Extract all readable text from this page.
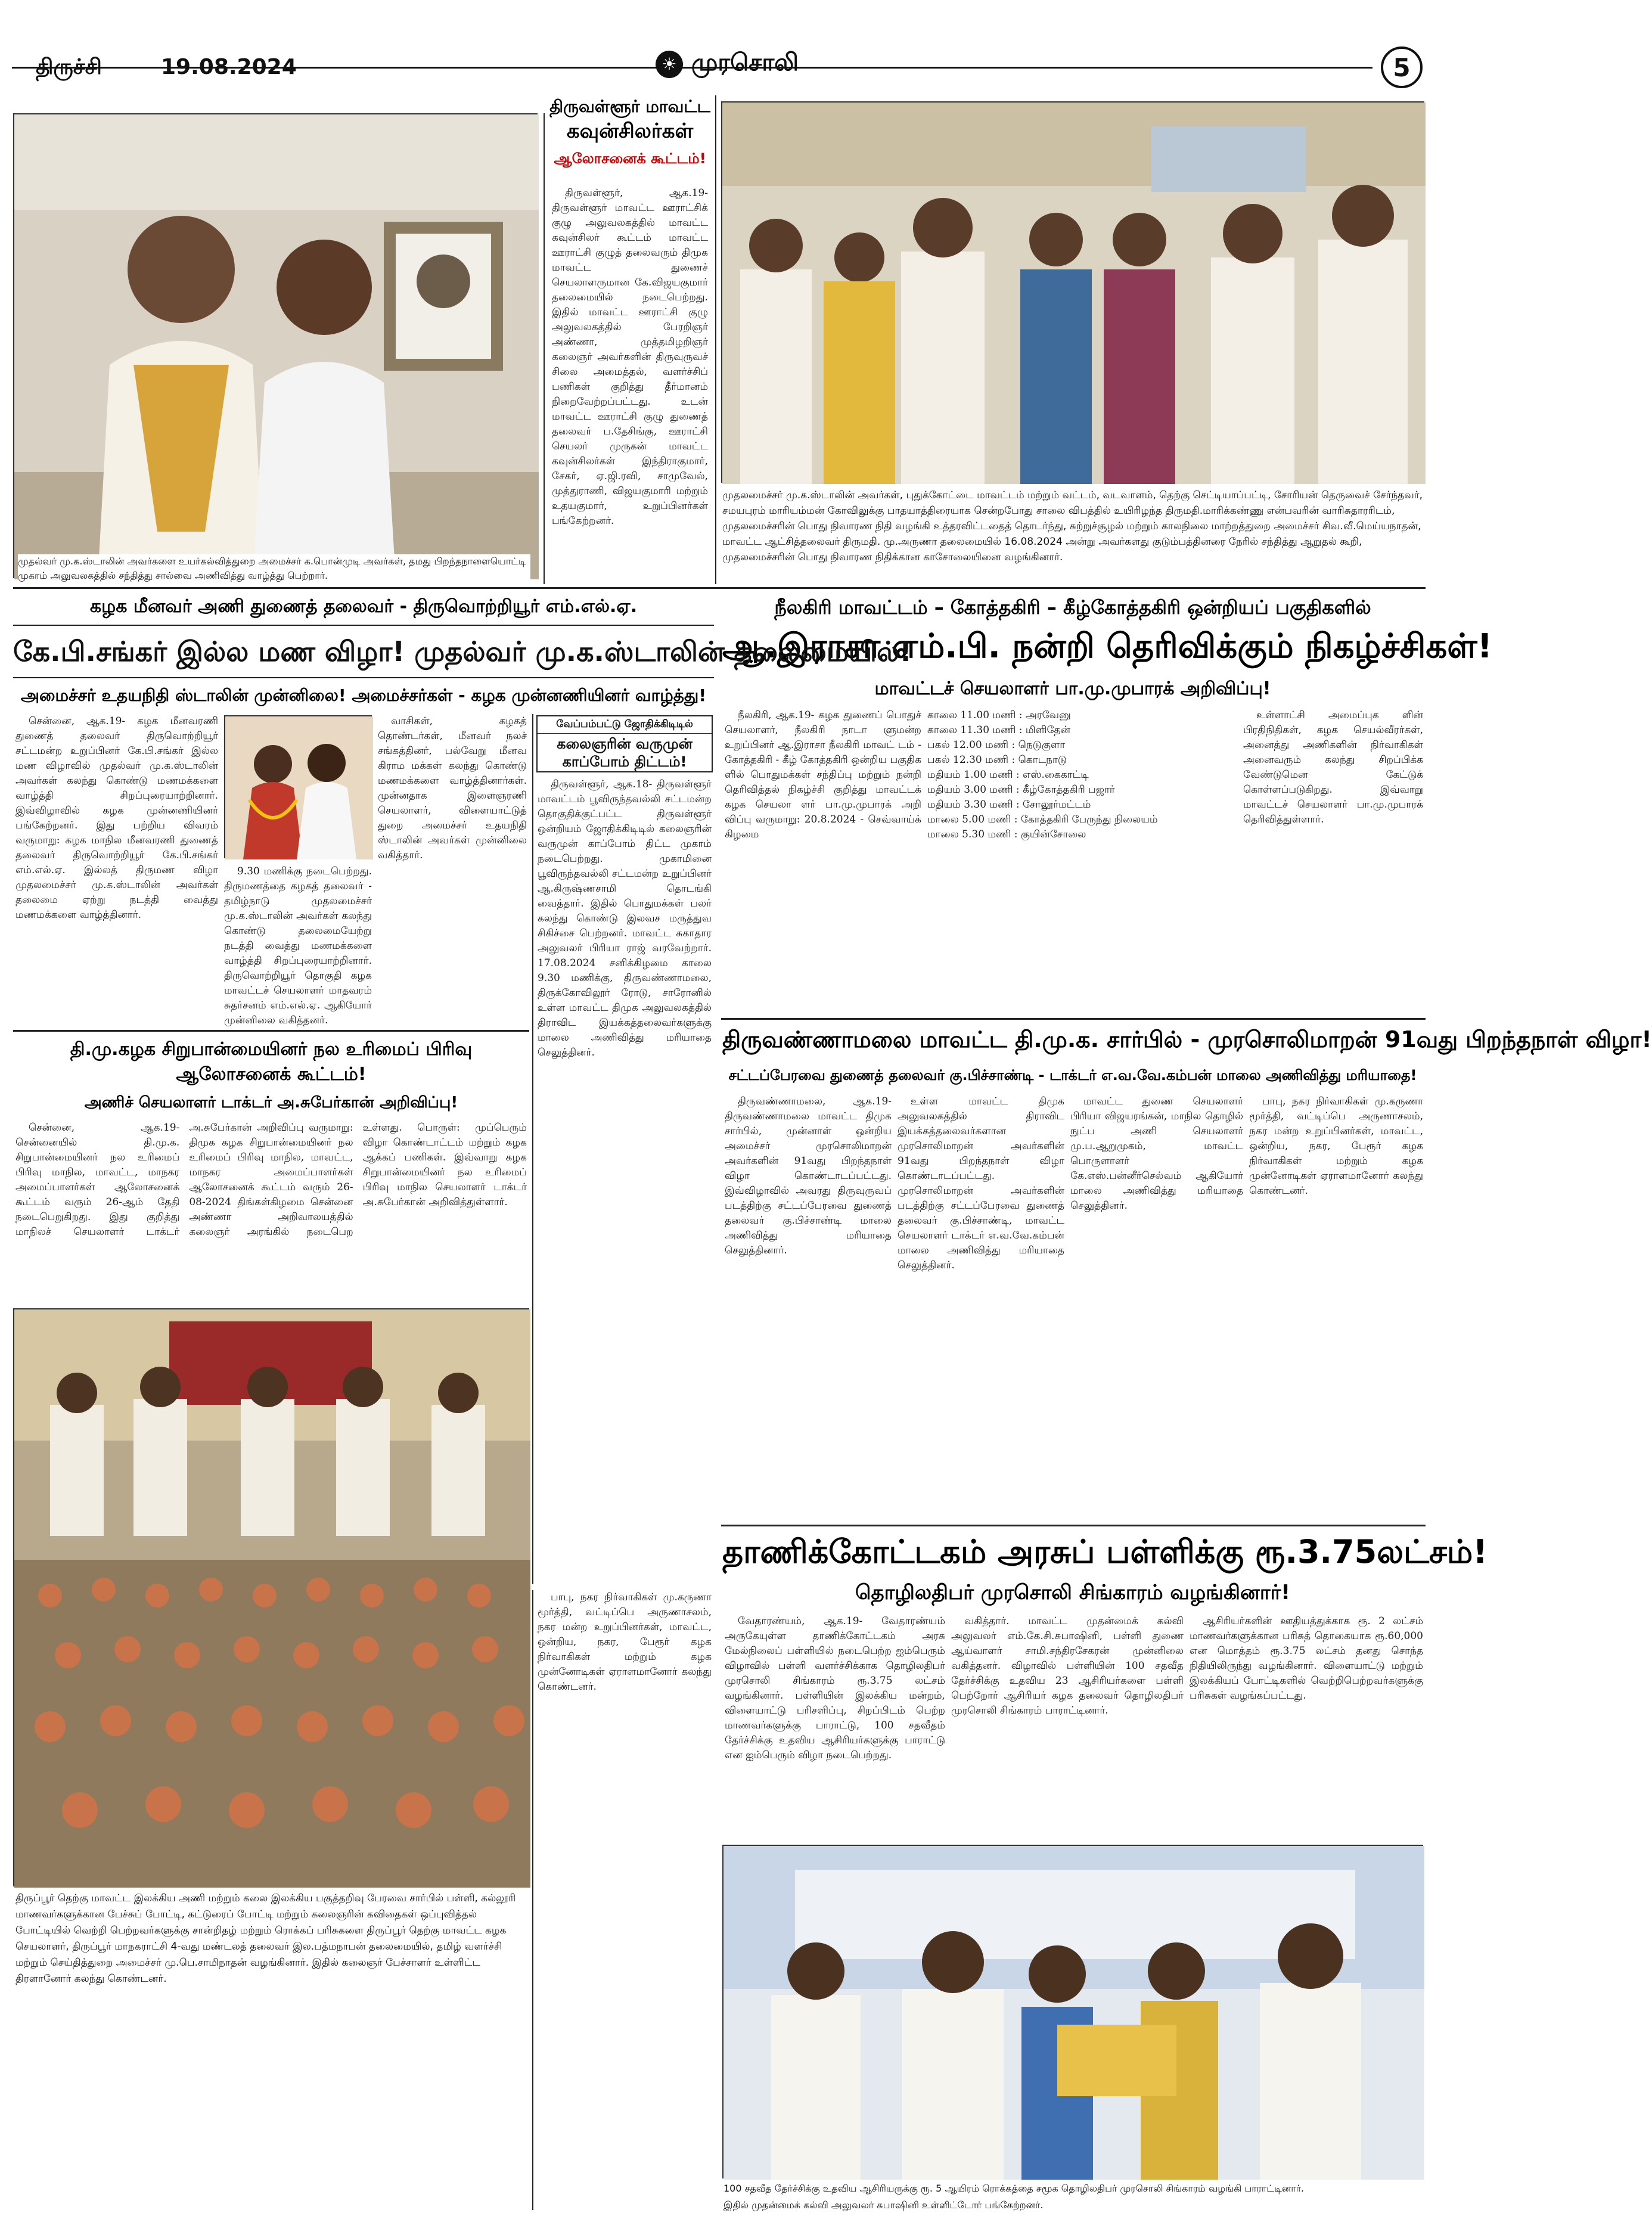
திருச்சி	19.08.2024	☀ முரசொலி	5
முதல்வர் மு.க.ஸ்டாலின் அவர்களை உயர்கல்வித்துறை அமைச்சர் க.பொன்முடி அவர்கள், தமது பிறந்தநாளையொட்டி முகாம் அலுவலகத்தில் சந்தித்து சால்வை அணிவித்து வாழ்த்து பெற்றார்.
திருவள்ளூர் மாவட்ட
கவுன்சிலர்கள்
ஆலோசனைக் கூட்டம்!

திருவள்ளூர், ஆக.19- திருவள்ளூர் மாவட்ட ஊராட்சிக் குழு அலுவலகத்தில் மாவட்ட கவுன்சிலர் கூட்டம் மாவட்ட ஊராட்சி குழுத் தலைவரும் திமுக மாவட்ட துணைச் செயலாளருமான கே.விஜயகுமார் தலைமையில் நடைபெற்றது. இதில் மாவட்ட ஊராட்சி குழு அலுவலகத்தில் பேரறிஞர் அண்ணா, முத்தமிழறிஞர் கலைஞர் அவர்களின் திருவுருவச் சிலை அமைத்தல், வளர்ச்சிப் பணிகள் குறித்து தீர்மானம் நிறைவேற்றப்பட்டது. உடன் மாவட்ட ஊராட்சி குழு துணைத் தலைவர் ப.தேசிங்கு, ஊராட்சி செயலர் முருகன் மாவட்ட கவுன்சிலர்கள் இந்திராகுமார், சேகர், ஏ.ஜி.ரவி, சாமுவேல், முத்துராணி, விஜயகுமாரி மற்றும் உதயகுமார், உறுப்பினர்கள் பங்கேற்றனர்.

முதலமைச்சர் மு.க.ஸ்டாலின் அவர்கள், புதுக்கோட்டை மாவட்டம் மற்றும் வட்டம், வடவாளம், தெற்கு செட்டியாப்பட்டி, சோரியன் தெருவைச் சேர்ந்தவர், சமயபுரம் மாரியம்மன் கோவிலுக்கு பாதயாத்திரையாக சென்றபோது சாலை விபத்தில் உயிரிழந்த திருமதி.மாரிக்கண்ணு என்பவரின் வாரிசுதாரரிடம், முதலமைச்சரின் பொது நிவாரண நிதி வழங்கி உத்தரவிட்டதைத் தொடர்ந்து, சுற்றுச்சூழல் மற்றும் காலநிலை மாற்றத்துறை அமைச்சர் சிவ.வீ.மெய்யநாதன், மாவட்ட ஆட்சித்தலைவர் திருமதி. மு.அருணா தலைமையில் 16.08.2024 அன்று அவர்களது குடும்பத்தினரை நேரில் சந்தித்து ஆறுதல் கூறி, முதலமைச்சரின் பொது நிவாரண நிதிக்கான காசோலையினை வழங்கினார்.
நீலகிரி மாவட்டம் – கோத்தகிரி – கீழ்கோத்தகிரி ஒன்றியப் பகுதிகளில்
ஆ.இராசா எம்.பி. நன்றி தெரிவிக்கும் நிகழ்ச்சிகள்!
மாவட்டச் செயலாளர் பா.மு.முபாரக் அறிவிப்பு!

நீலகிரி, ஆக.19- கழக துணைப் பொதுச் செயலாளர், நீலகிரி நாடா ளுமன்ற உறுப்பினர் ஆ.இராசா நீலகிரி மாவட் டம் - கோத்தகிரி - கீழ் கோத்தகிரி ஒன்றிய பகுதிக ளில் பொதுமக்கள் சந்திப்பு மற்றும் நன்றி தெரிவித்தல் நிகழ்ச்சி குறித்து மாவட்டக் கழக செயலா ளர் பா.மு.முபாரக் அறி விப்பு வருமாறு: 20.8.2024 - செவ்வாய்க் கிழமை

காலை 11.00 மணி : அரவேனு
காலை 11.30 மணி : மிளிதேன்
பகல் 12.00 மணி : நெடுகுளா
பகல் 12.30 மணி : கொடநாடு
மதியம் 1.00 மணி : எஸ்.கைகாட்டி
மதியம் 3.00 மணி : கீழ்கோத்தகிரி பஜார்
மதியம் 3.30 மணி : சோலூர்மட்டம்
மாலை 5.00 மணி : கோத்தகிரி பேருந்து நிலையம்
மாலை 5.30 மணி : குயின்சோலை

உள்ளாட்சி அமைப்புக ளின் பிரதிநிதிகள், கழக செயல்வீரர்கள், அனைத்து அணிகளின் நிர்வாகிகள் அனைவரும் கலந்து சிறப்பிக்க வேண்டுமென கேட்டுக் கொள்ளப்படுகிறது. இவ்வாறு மாவட்டச் செயலாளர் பா.மு.முபாரக் தெரிவித்துள்ளார்.

கழக மீனவர் அணி துணைத் தலைவர் - திருவொற்றியூர் எம்.எல்.ஏ.
கே.பி.சங்கர் இல்ல மண விழா! முதல்வர் மு.க.ஸ்டாலின் தலைமையில்!
அமைச்சர் உதயநிதி ஸ்டாலின் முன்னிலை! அமைச்சர்கள் - கழக முன்னணியினர் வாழ்த்து!

சென்னை, ஆக.19- கழக மீனவரணி துணைத் தலைவர் திருவொற்றியூர் சட்டமன்ற உறுப்பினர் கே.பி.சங்கர் இல்ல மண விழாவில் முதல்வர் மு.க.ஸ்டாலின் அவர்கள் கலந்து கொண்டு மணமக்களை வாழ்த்தி சிறப்புரையாற்றினார். இவ்விழாவில் கழக முன்னணியினர் பங்கேற்றனர். இது பற்றிய விவரம் வருமாறு: கழக மாநில மீனவரணி துணைத் தலைவர் திருவொற்றியூர் கே.பி.சங்கர் எம்.எல்.ஏ. இல்லத் திருமண விழா முதலமைச்சர் மு.க.ஸ்டாலின் அவர்கள் தலைமை ஏற்று நடத்தி வைத்து மணமக்களை வாழ்த்தினார்.

9.30 மணிக்கு நடைபெற்றது. திருமணத்தை கழகத் தலைவர் - தமிழ்நாடு முதலமைச்சர் மு.க.ஸ்டாலின் அவர்கள் கலந்து கொண்டு தலைமையேற்று நடத்தி வைத்து மணமக்களை வாழ்த்தி சிறப்புரையாற்றினார். திருவொற்றியூர் தொகுதி கழக மாவட்டச் செயலாளர் மாதவரம் சுதர்சனம் எம்.எல்.ஏ. ஆகியோர் முன்னிலை வகித்தனர்.

வாசிகள், கழகத் தொண்டர்கள், மீனவர் நலச் சங்கத்தினர், பல்வேறு மீனவ கிராம மக்கள் கலந்து கொண்டு மணமக்களை வாழ்த்தினார்கள். முன்னதாக இளைஞரணி செயலாளர், விளையாட்டுத் துறை அமைச்சர் உதயநிதி ஸ்டாலின் அவர்கள் முன்னிலை வகித்தார்.

வேப்பம்பட்டு ஜோதிக்கிடிடில்
கலைஞரின் வருமுன் காப்போம் திட்டம்!

திருவள்ளூர், ஆக.18- திருவள்ளூர் மாவட்டம் பூவிருந்தவல்லி சட்டமன்ற தொகுதிக்குட்பட்ட திருவள்ளூர் ஒன்றியம் ஜோதிக்கிடிடில் கலைஞரின் வருமுன் காப்போம் திட்ட முகாம் நடைபெற்றது. முகாமினை பூவிருந்தவல்லி சட்டமன்ற உறுப்பினர் ஆ.கிருஷ்ணசாமி தொடங்கி வைத்தார். இதில் பொதுமக்கள் பலர் கலந்து கொண்டு இலவச மருத்துவ சிகிச்சை பெற்றனர். மாவட்ட சுகாதார அலுவலர் பிரியா ராஜ் வரவேற்றார். 17.08.2024 சனிக்கிழமை காலை 9.30 மணிக்கு, திருவண்ணாமலை, திருக்கோவிலூர் ரோடு, சாரோனில் உள்ள மாவட்ட திமுக அலுவலகத்தில் திராவிட இயக்கத்தலைவர்களுக்கு மாலை அணிவித்து மரியாதை செலுத்தினர்.	திருவண்ணாமலை மாவட்ட தி.மு.க. சார்பில் - முரசொலிமாறன் 91வது பிறந்தநாள் விழா!
சட்டப்பேரவை துணைத் தலைவர் கு.பிச்சாண்டி - டாக்டர் எ.வ.வே.கம்பன் மாலை அணிவித்து மரியாதை!

திருவண்ணாமலை, ஆக.19- திருவண்ணாமலை மாவட்ட திமுக சார்பில், முன்னாள் ஒன்றிய அமைச்சர் முரசொலிமாறன் அவர்களின் 91வது பிறந்தநாள் விழா கொண்டாடப்பட்டது. இவ்விழாவில் அவரது திருவுருவப் படத்திற்கு சட்டப்பேரவை துணைத் தலைவர் கு.பிச்சாண்டி மாலை அணிவித்து மரியாதை செலுத்தினார்.

உள்ள மாவட்ட திமுக அலுவலகத்தில் திராவிட இயக்கத்தலைவர்களான முரசொலிமாறன் அவர்களின் 91வது பிறந்தநாள் விழா கொண்டாடப்பட்டது. முரசொலிமாறன் அவர்களின் படத்திற்கு சட்டப்பேரவை துணைத் தலைவர் கு.பிச்சாண்டி, மாவட்ட செயலாளர் டாக்டர் எ.வ.வே.கம்பன் மாலை அணிவித்து மரியாதை செலுத்தினர்.

மாவட்ட துணை செயலாளர் பிரியா விஜயரங்கன், மாநில தொழில் நுட்ப அணி செயலாளர் மு.ப.ஆறுமுகம், மாவட்ட பொருளாளர் கே.எஸ்.பன்னீர்செல்வம் ஆகியோர் மாலை அணிவித்து மரியாதை செலுத்தினர்.

பாபு, நகர நிர்வாகிகள் மு.கருணா மூர்த்தி, வட்டிப்பெ அருணாசலம், நகர மன்ற உறுப்பினர்கள், மாவட்ட, ஒன்றிய, நகர, பேரூர் கழக நிர்வாகிகள் மற்றும் கழக முன்னோடிகள் ஏராளமானோர் கலந்து கொண்டனர்.

தி.மு.கழக சிறுபான்மையினர் நல உரிமைப் பிரிவு ஆலோசனைக் கூட்டம்!
அணிச் செயலாளர் டாக்டர் அ.சுபேர்கான் அறிவிப்பு!

சென்னை, ஆக.19- சென்னையில் தி.மு.க. சிறுபான்மையினர் நல உரிமைப் பிரிவு மாநில, மாவட்ட, மாநகர அமைப்பாளர்கள் ஆலோசனைக் கூட்டம் வரும் 26-ஆம் தேதி நடைபெறுகிறது. இது குறித்து மாநிலச் செயலாளர் டாக்டர் அ.சுபேர்கான் அறிவிப்பு வருமாறு: திமுக கழக சிறுபான்மையினர் நல உரிமைப் பிரிவு மாநில, மாவட்ட, மாநகர அமைப்பாளர்கள் ஆலோசனைக் கூட்டம் வரும் 26-08-2024 திங்கள்கிழமை சென்னை அண்ணா அறிவாலயத்தில் கலைஞர் அரங்கில் நடைபெற உள்ளது. பொருள்: முப்பெரும் விழா கொண்டாட்டம் மற்றும் கழக ஆக்கப் பணிகள். இவ்வாறு கழக சிறுபான்மையினர் நல உரிமைப் பிரிவு மாநில செயலாளர் டாக்டர் அ.சுபேர்கான் அறிவித்துள்ளார்.

திருப்பூர் தெற்கு மாவட்ட இலக்கிய அணி மற்றும் கலை இலக்கிய பகுத்தறிவு பேரவை சார்பில் பள்ளி, கல்லூரி மாணவர்களுக்கான பேச்சுப் போட்டி, கட்டுரைப் போட்டி மற்றும் கலைஞரின் கவிதைகள் ஒப்புவித்தல் போட்டியில் வெற்றி பெற்றவர்களுக்கு சான்றிதழ் மற்றும் ரொக்கப் பரிசுகளை திருப்பூர் தெற்கு மாவட்ட கழக செயலாளர், திருப்பூர் மாநகராட்சி 4-வது மண்டலத் தலைவர் இல.பத்மநாபன் தலைமையில், தமிழ் வளர்ச்சி மற்றும் செய்தித்துறை அமைச்சர் மு.பெ.சாமிநாதன் வழங்கினார். இதில் கலைஞர் பேச்சாளர் உள்ளிட்ட திரளானோர் கலந்து கொண்டனர்.
தாணிக்கோட்டகம் அரசுப் பள்ளிக்கு ரூ.3.75லட்சம்!
தொழிலதிபர் முரசொலி சிங்காரம் வழங்கினார்!

வேதாரண்யம், ஆக.19- வேதாரண்யம் அருகேயுள்ள தாணிக்கோட்டகம் அரசு மேல்நிலைப் பள்ளியில் நடைபெற்ற ஐம்பெரும் விழாவில் பள்ளி வளர்ச்சிக்காக தொழிலதிபர் முரசொலி சிங்காரம் ரூ.3.75 லட்சம் வழங்கினார். பள்ளியின் இலக்கிய மன்றம், விளையாட்டு பரிசளிப்பு, சிறப்பிடம் பெற்ற மாணவர்களுக்கு பாராட்டு, 100 சதவீதம் தேர்ச்சிக்கு உதவிய ஆசிரியர்களுக்கு பாராட்டு என ஐம்பெரும் விழா நடைபெற்றது.

வகித்தார். மாவட்ட முதன்மைக் கல்வி அலுவலர் எம்.கே.சி.சுபாஷினி, பள்ளி துணை ஆய்வாளர் சாமி.சந்திரசேகரன் முன்னிலை வகித்தனர். விழாவில் பள்ளியின் 100 சதவீத தேர்ச்சிக்கு உதவிய 23 ஆசிரியர்களை பள்ளி பெற்றோர் ஆசிரியர் கழக தலைவர் தொழிலதிபர் முரசொலி சிங்காரம் பாராட்டினார்.

ஆசிரியர்களின் ஊதியத்துக்காக ரூ. 2 லட்சம் மாணவர்களுக்கான பரிசுத் தொகையாக ரூ.60,000 என மொத்தம் ரூ.3.75 லட்சம் தனது சொந்த நிதியிலிருந்து வழங்கினார். விளையாட்டு மற்றும் இலக்கியப் போட்டிகளில் வெற்றிபெற்றவர்களுக்கு பரிசுகள் வழங்கப்பட்டது.

பாபு, நகர நிர்வாகிகள் மு.கருணா மூர்த்தி, வட்டிப்பெ அருணாசலம், நகர மன்ற உறுப்பினர்கள், மாவட்ட, ஒன்றிய, நகர, பேரூர் கழக நிர்வாகிகள் மற்றும் கழக முன்னோடிகள் ஏராளமானோர் கலந்து கொண்டனர்.

100 சதவீத தேர்ச்சிக்கு உதவிய ஆசிரியருக்கு ரூ. 5 ஆயிரம் ரொக்கத்தை சமூக தொழிலதிபர் முரசொலி சிங்காரம் வழங்கி பாராட்டினார்.
இதில் முதன்மைக் கல்வி அலுவலர் சுபாஷினி உள்ளிட்டோர் பங்கேற்றனர்.
